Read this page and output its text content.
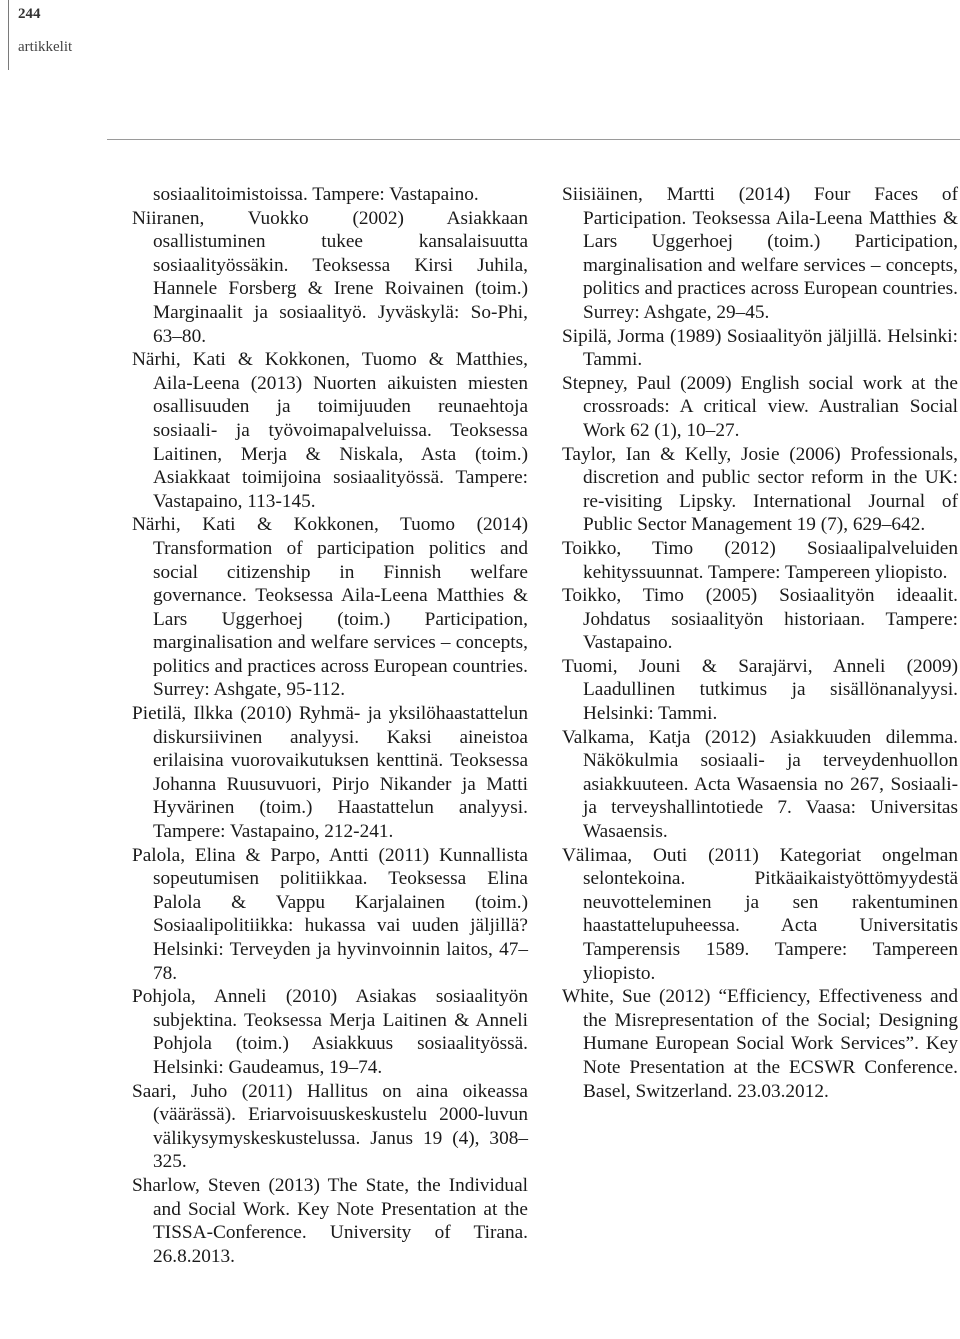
244
artikkelit

sosiaalitoimistoissa. Tampere: Vastapaino.

Niiranen, Vuokko (2002) Asiakkaan osallistuminen tukee kansalaisuutta sosiaalityössäkin. Teoksessa Kirsi Juhila, Hannele Forsberg & Irene Roivainen (toim.) Marginaalit ja sosiaalityö. Jyväskylä: So-Phi, 63–80.

Närhi, Kati & Kokkonen, Tuomo & Matthies, Aila-Leena (2013) Nuorten aikuisten miesten osallisuuden ja toimijuuden reunaehtoja sosiaali- ja työvoimapalveluissa. Teoksessa Laitinen, Merja & Niskala, Asta (toim.) Asiakkaat toimijoina sosiaalityössä. Tampere: Vastapaino, 113-145.

Närhi, Kati & Kokkonen, Tuomo (2014) Transformation of participation politics and social citizenship in Finnish welfare governance. Teoksessa Aila-Leena Matthies & Lars Uggerhoej (toim.) Participation, marginalisation and welfare services – concepts, politics and practices across European countries. Surrey: Ashgate, 95-112.

Pietilä, Ilkka (2010) Ryhmä- ja yksilöhaastattelun diskursiivinen analyysi. Kaksi aineistoa erilaisina vuorovaikutuksen kenttinä. Teoksessa Johanna Ruusuvuori, Pirjo Nikander ja Matti Hyvärinen (toim.) Haastattelun analyysi. Tampere: Vastapaino, 212-241.

Palola, Elina & Parpo, Antti (2011) Kunnallista sopeutumisen politiikkaa. Teoksessa Elina Palola & Vappu Karjalainen (toim.) Sosiaalipolitiikka: hukassa vai uuden jäljillä? Helsinki: Terveyden ja hyvinvoinnin laitos, 47–78.

Pohjola, Anneli (2010) Asiakas sosiaalityön subjektina. Teoksessa Merja Laitinen & Anneli Pohjola (toim.) Asiakkuus sosiaalityössä. Helsinki: Gaudeamus, 19–74.

Saari, Juho (2011) Hallitus on aina oikeassa (väärässä). Eriarvoisuuskeskustelu 2000-luvun välikysymyskeskustelussa. Janus 19 (4), 308–325.

Sharlow, Steven (2013) The State, the Individual and Social Work. Key Note Presentation at the TISSA-Conference. University of Tirana. 26.8.2013.

Siisiäinen, Martti (2014) Four Faces of Participation. Teoksessa Aila-Leena Matthies & Lars Uggerhoej (toim.) Participation, marginalisation and welfare services – concepts, politics and practices across European countries. Surrey: Ashgate, 29–45.

Sipilä, Jorma (1989) Sosiaalityön jäljillä. Helsinki: Tammi.

Stepney, Paul (2009) English social work at the crossroads: A critical view. Australian Social Work 62 (1), 10–27.

Taylor, Ian & Kelly, Josie (2006) Professionals, discretion and public sector reform in the UK: re-visiting Lipsky. International Journal of Public Sector Management 19 (7), 629–642.

Toikko, Timo (2012) Sosiaalipalveluiden kehityssuunnat. Tampere: Tampereen yliopisto.

Toikko, Timo (2005) Sosiaalityön ideaalit. Johdatus sosiaalityön historiaan. Tampere: Vastapaino.

Tuomi, Jouni & Sarajärvi, Anneli (2009) Laadullinen tutkimus ja sisällönanalyysi. Helsinki: Tammi.

Valkama, Katja (2012) Asiakkuuden dilemma. Näkökulmia sosiaali- ja terveydenhuollon asiakkuuteen. Acta Wasaensia no 267, Sosiaali- ja terveyshallintotiede 7. Vaasa: Universitas Wasaensis.

Välimaa, Outi (2011) Kategoriat ongelman selontekoina. Pitkäaikaistyöttömyydestä neuvotteleminen ja sen rakentuminen haastattelupuheessa. Acta Universitatis Tamperensis 1589. Tampere: Tampereen yliopisto.

White, Sue (2012) “Efficiency, Effectiveness and the Misrepresentation of the Social; Designing Humane European Social Work Services”. Key Note Presentation at the ECSWR Conference. Basel, Switzerland. 23.03.2012.
